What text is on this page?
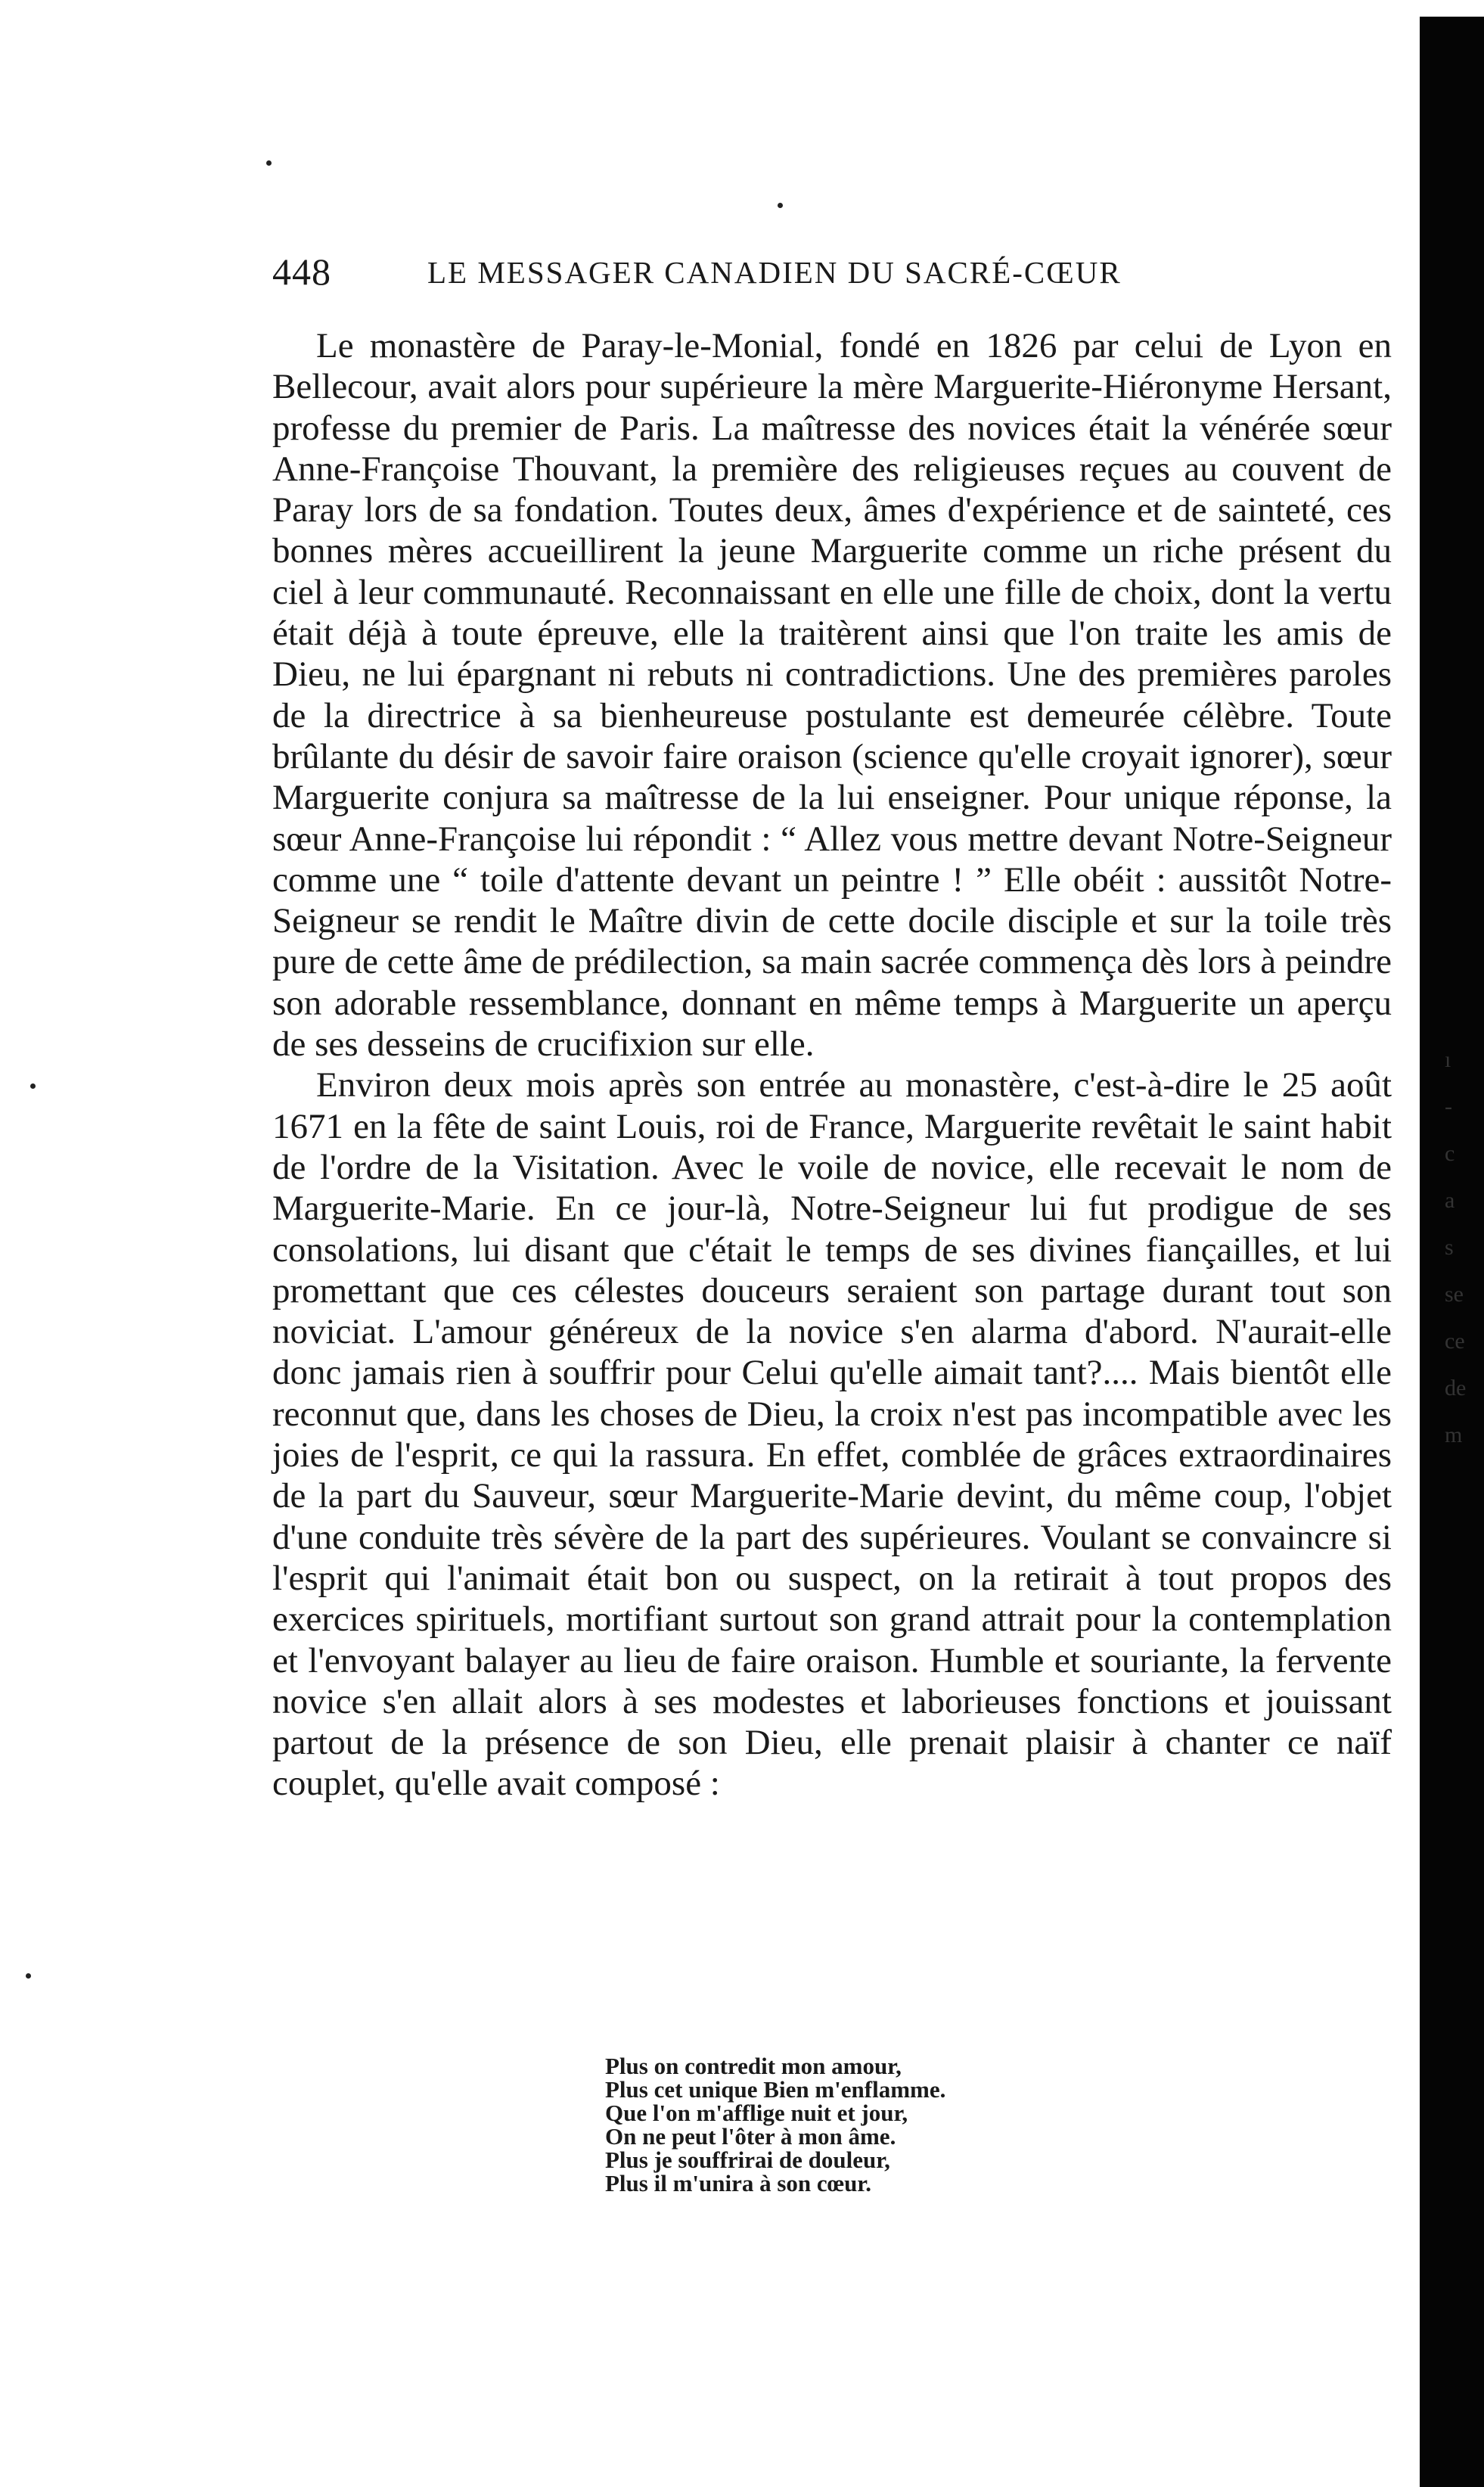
448	LE MESSAGER CANADIEN DU SACRÉ-CŒUR

Le monastère de Paray-le-Monial, fondé en 1826 par celui de Lyon en Bellecour, avait alors pour supérieure la mère Marguerite-Hiéronyme Hersant, professe du premier de Paris. La maîtresse des novices était la vénérée sœur Anne-Françoise Thouvant, la première des religieuses reçues au couvent de Paray lors de sa fondation. Toutes deux, âmes d'expérience et de sainteté, ces bonnes mères accueillirent la jeune Marguerite comme un riche présent du ciel à leur communauté. Reconnaissant en elle une fille de choix, dont la vertu était déjà à toute épreuve, elle la traitèrent ainsi que l'on traite les amis de Dieu, ne lui épargnant ni rebuts ni contradictions. Une des premières paroles de la directrice à sa bienheureuse postulante est demeurée célèbre. Toute brûlante du désir de savoir faire oraison (science qu'elle croyait ignorer), sœur Marguerite conjura sa maîtresse de la lui enseigner. Pour unique réponse, la sœur Anne-Françoise lui répondit : “ Allez vous mettre devant Notre-Seigneur comme une “ toile d'attente devant un peintre ! ” Elle obéit : aussitôt Notre-Seigneur se rendit le Maître divin de cette docile disciple et sur la toile très pure de cette âme de prédilection, sa main sacrée commença dès lors à peindre son adorable ressemblance, donnant en même temps à Marguerite un aperçu de ses desseins de crucifixion sur elle.

Environ deux mois après son entrée au monastère, c'est-à-dire le 25 août 1671 en la fête de saint Louis, roi de France, Marguerite revêtait le saint habit de l'ordre de la Visitation. Avec le voile de novice, elle recevait le nom de Marguerite-Marie. En ce jour-là, Notre-Seigneur lui fut prodigue de ses consolations, lui disant que c'était le temps de ses divines fiançailles, et lui promettant que ces célestes douceurs seraient son partage durant tout son noviciat. L'amour généreux de la novice s'en alarma d'abord. N'aurait-elle donc jamais rien à souffrir pour Celui qu'elle aimait tant?.... Mais bientôt elle reconnut que, dans les choses de Dieu, la croix n'est pas incompatible avec les joies de l'esprit, ce qui la rassura. En effet, comblée de grâces extraordinaires de la part du Sauveur, sœur Marguerite-Marie devint, du même coup, l'objet d'une conduite très sévère de la part des supérieures. Voulant se convaincre si l'esprit qui l'animait était bon ou suspect, on la retirait à tout propos des exercices spirituels, mortifiant surtout son grand attrait pour la contemplation et l'envoyant balayer au lieu de faire oraison. Humble et souriante, la fervente novice s'en allait alors à ses modestes et laborieuses fonctions et jouissant partout de la présence de son Dieu, elle prenait plaisir à chanter ce naïf couplet, qu'elle avait composé :

Plus on contredit mon amour,
Plus cet unique Bien m'enflamme.
Que l'on m'afflige nuit et jour,
On ne peut l'ôter à mon âme.
Plus je souffrirai de douleur,
Plus il m'unira à son cœur.
ı
-
c
a
s
se
ce
de
m
